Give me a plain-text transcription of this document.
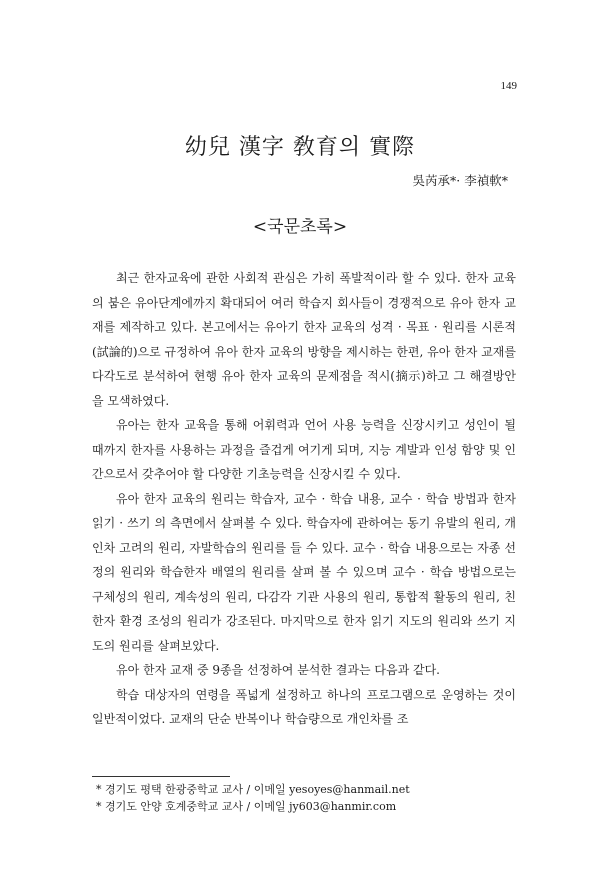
149
幼兒 漢字 敎育의 實際
吳芮承*· 李禎軟*
<국문초록>

최근 한자교육에 관한 사회적 관심은 가히 폭발적이라 할 수 있다. 한자 교육의 붐은 유아단계에까지 확대되어 여러 학습지 회사들이 경쟁적으로 유아 한자 교재를 제작하고 있다. 본고에서는 유아기 한자 교육의 성격 · 목표 · 원리를 시론적(試論的)으로 규정하여 유아 한자 교육의 방향을 제시하는 한편, 유아 한자 교재를 다각도로 분석하여 현행 유아 한자 교육의 문제점을 적시(摘示)하고 그 해결방안을 모색하였다.

유아는 한자 교육을 통해 어휘력과 언어 사용 능력을 신장시키고 성인이 될 때까지 한자를 사용하는 과정을 즐겁게 여기게 되며, 지능 계발과 인성 함양 및 인간으로서 갖추어야 할 다양한 기초능력을 신장시킬 수 있다.

유아 한자 교육의 원리는 학습자, 교수 · 학습 내용, 교수 · 학습 방법과 한자 읽기 · 쓰기 의 측면에서 살펴볼 수 있다. 학습자에 관하여는 동기 유발의 원리, 개인차 고려의 원리, 자발학습의 원리를 들 수 있다. 교수 · 학습 내용으로는 자종 선정의 원리와 학습한자 배열의 원리를 살펴 볼 수 있으며 교수 · 학습 방법으로는 구체성의 원리, 계속성의 원리, 다감각 기관 사용의 원리, 통합적 활동의 원리, 친한자 환경 조성의 원리가 강조된다. 마지막으로 한자 읽기 지도의 원리와 쓰기 지도의 원리를 살펴보았다.

유아 한자 교재 중 9종을 선정하여 분석한 결과는 다음과 같다.

학습 대상자의 연령을 폭넓게 설정하고 하나의 프로그램으로 운영하는 것이 일반적이었다. 교재의 단순 반복이나 학습량으로 개인차를 조

* 경기도 평택 한광중학교 교사 / 이메일 yesoyes@hanmail.net
* 경기도 안양 호계중학교 교사 / 이메일 jy603@hanmir.com
